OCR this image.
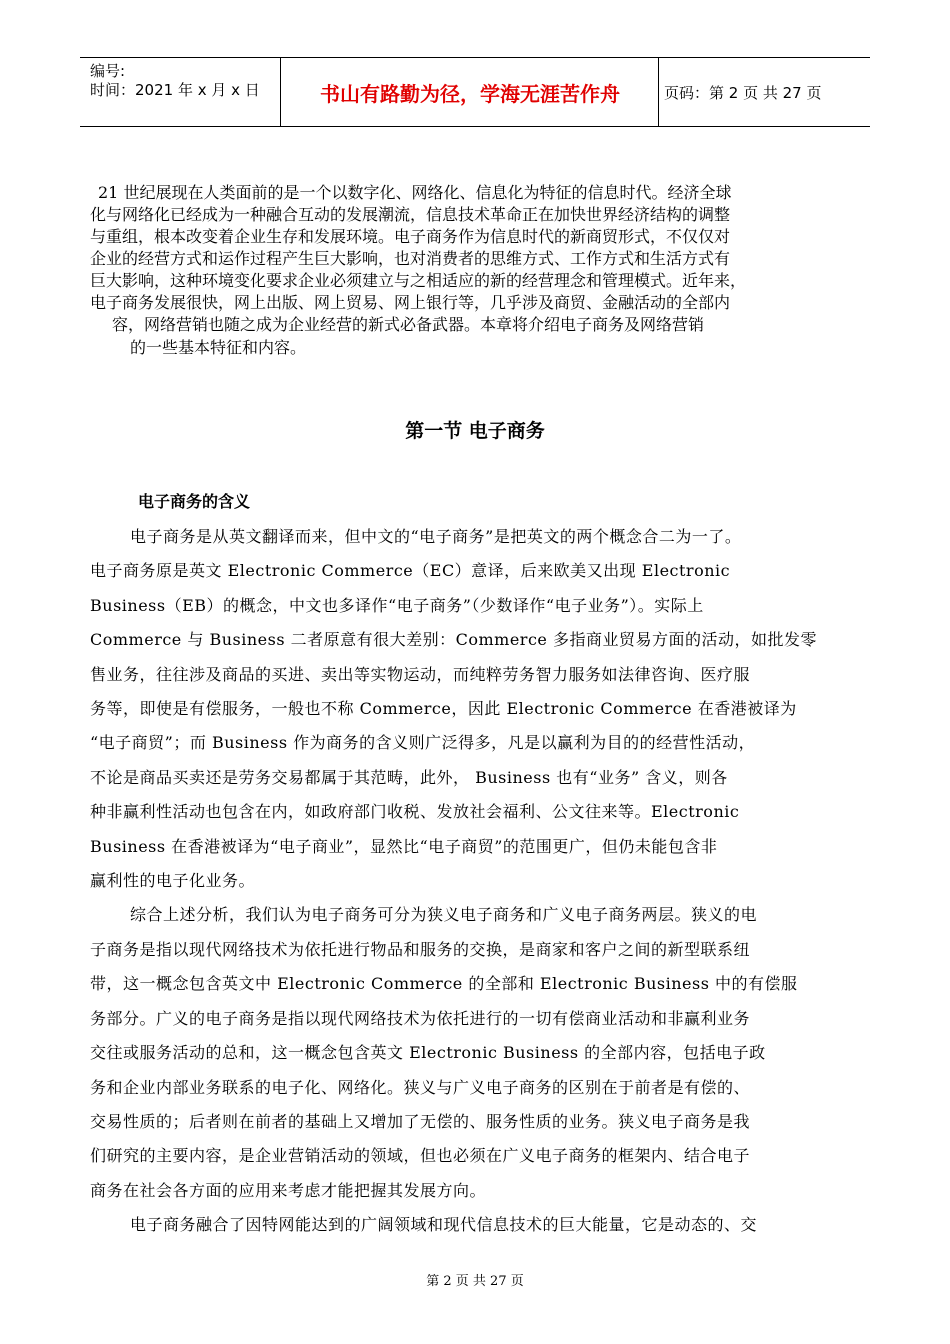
编号:
时间：2021 年 x 月 x 日	书山有路勤为径，学海无涯苦作舟	页码：第 2 页 共 27 页
21 世纪展现在人类面前的是一个以数字化、网络化、信息化为特征的信息时代。经济全球
化与网络化已经成为一种融合互动的发展潮流，信息技术革命正在加快世界经济结构的调整
与重组，根本改变着企业生存和发展环境。电子商务作为信息时代的新商贸形式，不仅仅对
企业的经营方式和运作过程产生巨大影响，也对消费者的思维方式、工作方式和生活方式有
巨大影响，这种环境变化要求企业必须建立与之相适应的新的经营理念和管理模式。近年来，
电子商务发展很快，网上出版、网上贸易、网上银行等，几乎涉及商贸、金融活动的全部内
容，网络营销也随之成为企业经营的新式必备武器。本章将介绍电子商务及网络营销
的一些基本特征和内容。
第一节 电子商务
电子商务的含义
电子商务是从英文翻译而来，但中文的“电子商务”是把英文的两个概念合二为一了。
电子商务原是英文 Electronic Commerce（EC）意译，后来欧美又出现 Electronic
Business（EB）的概念，中文也多译作“电子商务”（少数译作“电子业务”）。实际上
Commerce 与 Business 二者原意有很大差别：Commerce 多指商业贸易方面的活动，如批发零
售业务，往往涉及商品的买进、卖出等实物运动，而纯粹劳务智力服务如法律咨询、医疗服
务等，即使是有偿服务，一般也不称 Commerce，因此 Electronic Commerce 在香港被译为
“电子商贸”；而 Business 作为商务的含义则广泛得多，凡是以赢利为目的的经营性活动，
不论是商品买卖还是劳务交易都属于其范畴，此外， Business 也有“业务” 含义，则各
种非赢利性活动也包含在内，如政府部门收税、发放社会福利、公文往来等。Electronic
Business 在香港被译为“电子商业”，显然比“电子商贸”的范围更广，但仍未能包含非
赢利性的电子化业务。
综合上述分析，我们认为电子商务可分为狭义电子商务和广义电子商务两层。狭义的电
子商务是指以现代网络技术为依托进行物品和服务的交换，是商家和客户之间的新型联系纽
带，这一概念包含英文中 Electronic Commerce 的全部和 Electronic Business 中的有偿服
务部分。广义的电子商务是指以现代网络技术为依托进行的一切有偿商业活动和非赢利业务
交往或服务活动的总和，这一概念包含英文 Electronic Business 的全部内容，包括电子政
务和企业内部业务联系的电子化、网络化。狭义与广义电子商务的区别在于前者是有偿的、
交易性质的；后者则在前者的基础上又增加了无偿的、服务性质的业务。狭义电子商务是我
们研究的主要内容，是企业营销活动的领域，但也必须在广义电子商务的框架内、结合电子
商务在社会各方面的应用来考虑才能把握其发展方向。
电子商务融合了因特网能达到的广阔领域和现代信息技术的巨大能量，它是动态的、交
第 2 页 共 27 页
